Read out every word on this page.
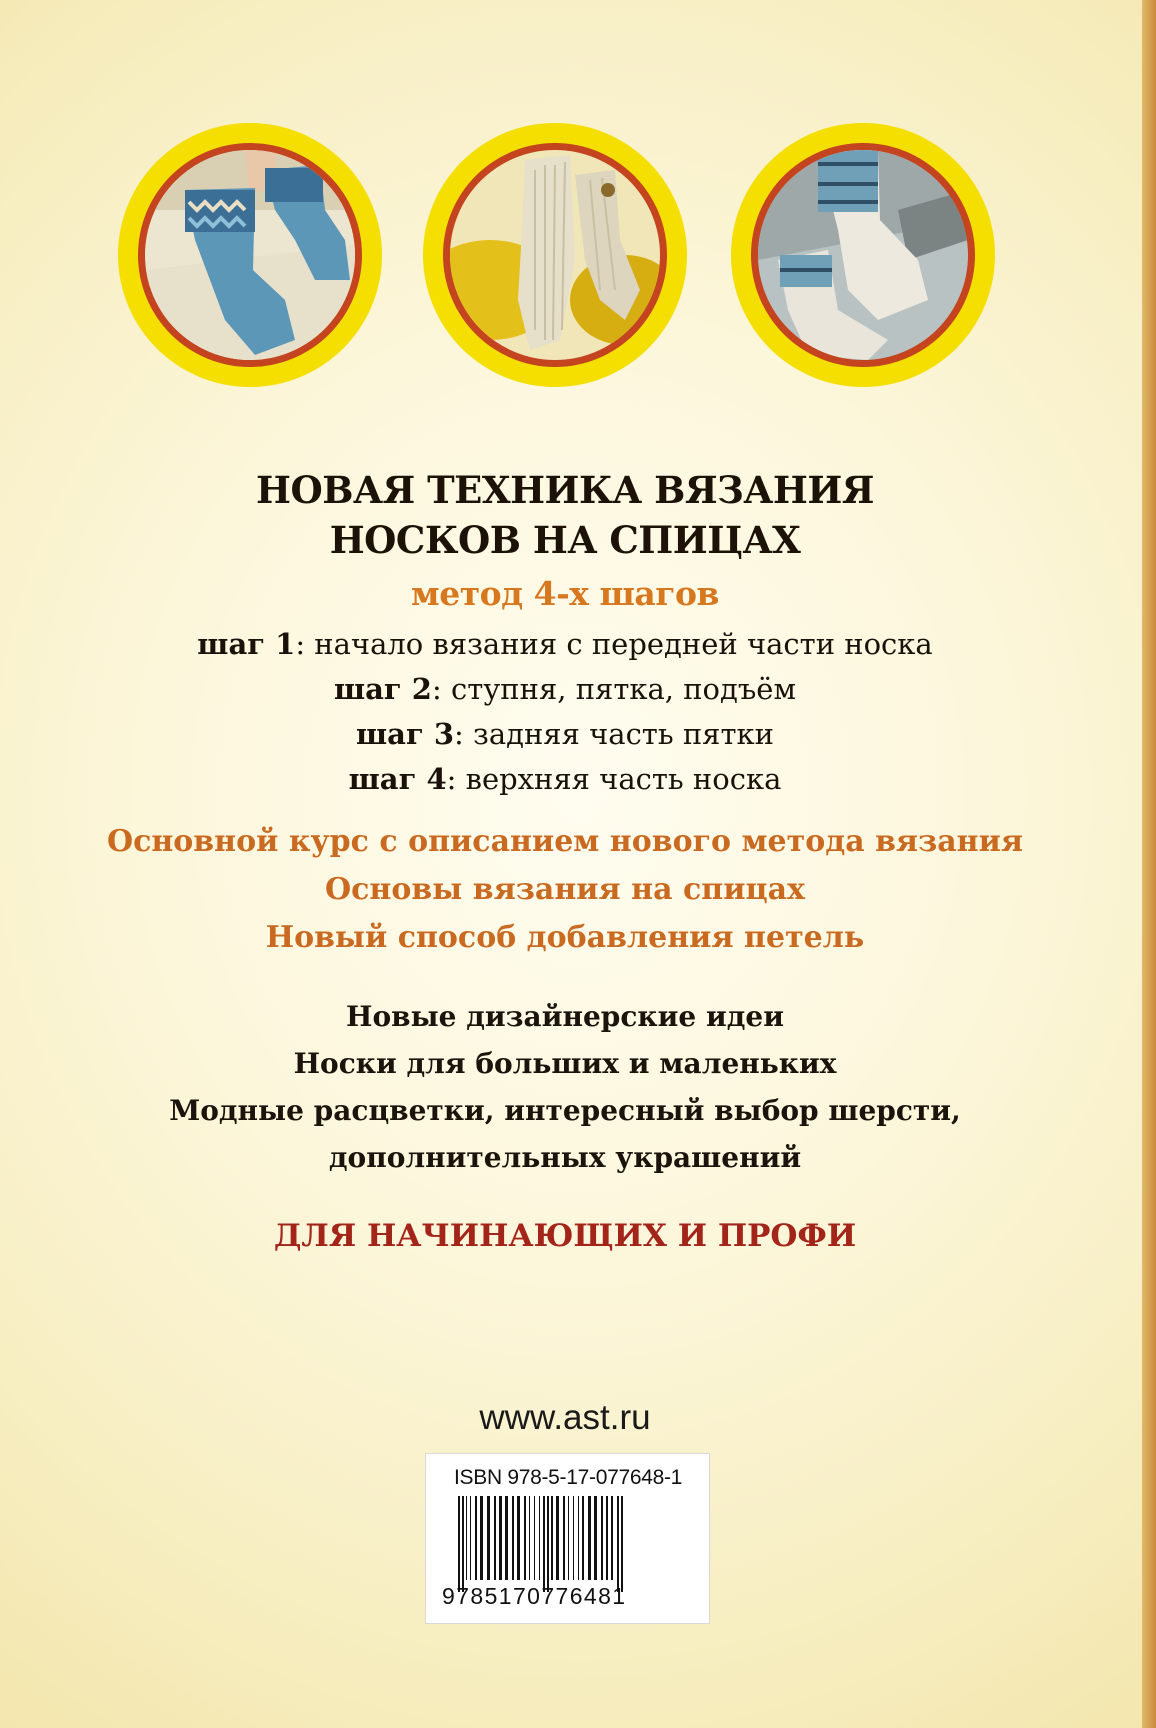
НОВАЯ ТЕХНИКА ВЯЗАНИЯ
НОСКОВ НА СПИЦАХ
метод 4-х шагов
шаг 1: начало вязания с передней части носка
шаг 2: ступня, пятка, подъём
шаг 3: задняя часть пятки
шаг 4: верхняя часть носка
Основной курс с описанием нового метода вязания
Основы вязания на спицах
Новый способ добавления петель
Новые дизайнерские идеи
Носки для больших и маленьких
Модные расцветки, интересный выбор шерсти,
дополнительных украшений
ДЛЯ НАЧИНАЮЩИХ И ПРОФИ
www.ast.ru
ISBN 978-5-17-077648-1
9785170776481
